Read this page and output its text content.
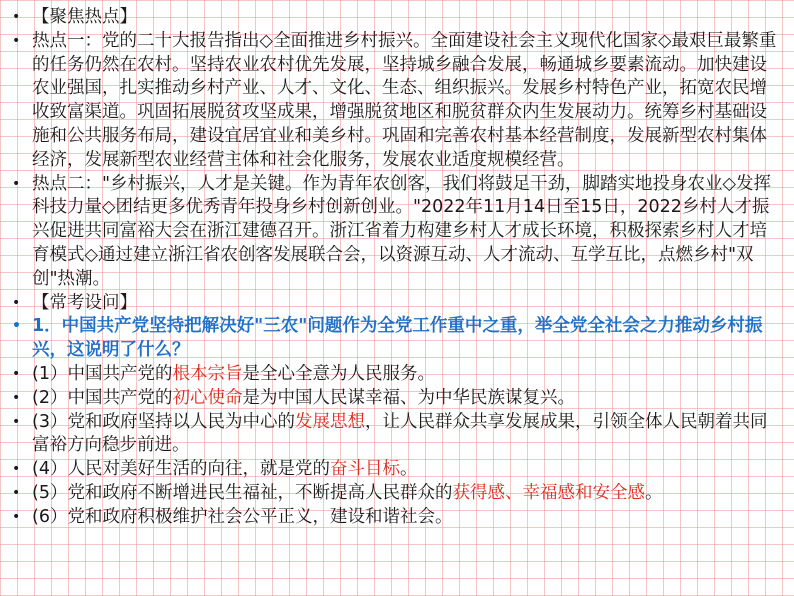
• 【聚焦热点】

• 热点一：党的二十大报告指出◇全面推进乡村振兴。全面建设社会主义现代化国家◇最艰巨最繁重的任务仍然在农村。坚持农业农村优先发展，坚持城乡融合发展，畅通城乡要素流动。加快建设农业强国，扎实推动乡村产业、人才、文化、生态、组织振兴。发展乡村特色产业，拓宽农民增收致富渠道。巩固拓展脱贫攻坚成果，增强脱贫地区和脱贫群众内生发展动力。统筹乡村基础设施和公共服务布局，建设宜居宜业和美乡村。巩固和完善农村基本经营制度，发展新型农村集体经济，发展新型农业经营主体和社会化服务，发展农业适度规模经营。

• 热点二："乡村振兴，人才是关键。作为青年农创客，我们将鼓足干劲，脚踏实地投身农业◇发挥科技力量◇团结更多优秀青年投身乡村创新创业。"2022年11月14日至15日，2022乡村人才振兴促进共同富裕大会在浙江建德召开。浙江省着力构建乡村人才成长环境，积极探索乡村人才培育模式◇通过建立浙江省农创客发展联合会，以资源互动、人才流动、互学互比，点燃乡村"双创"热潮。

• 【常考设问】

• 1．中国共产党坚持把解决好"三农"问题作为全党工作重中之重，举全党全社会之力推动乡村振兴，这说明了什么？

• (1）中国共产党的根本宗旨是全心全意为人民服务。

• (2）中国共产党的初心使命是为中国人民谋幸福、为中华民族谋复兴。

• (3）党和政府坚持以人民为中心的发展思想，让人民群众共享发展成果，引领全体人民朝着共同富裕方向稳步前进。

• (4）人民对美好生活的向往，就是党的奋斗目标。

• (5）党和政府不断增进民生福祉，不断提高人民群众的获得感、幸福感和安全感。

• (6）党和政府积极维护社会公平正义，建设和谐社会。
